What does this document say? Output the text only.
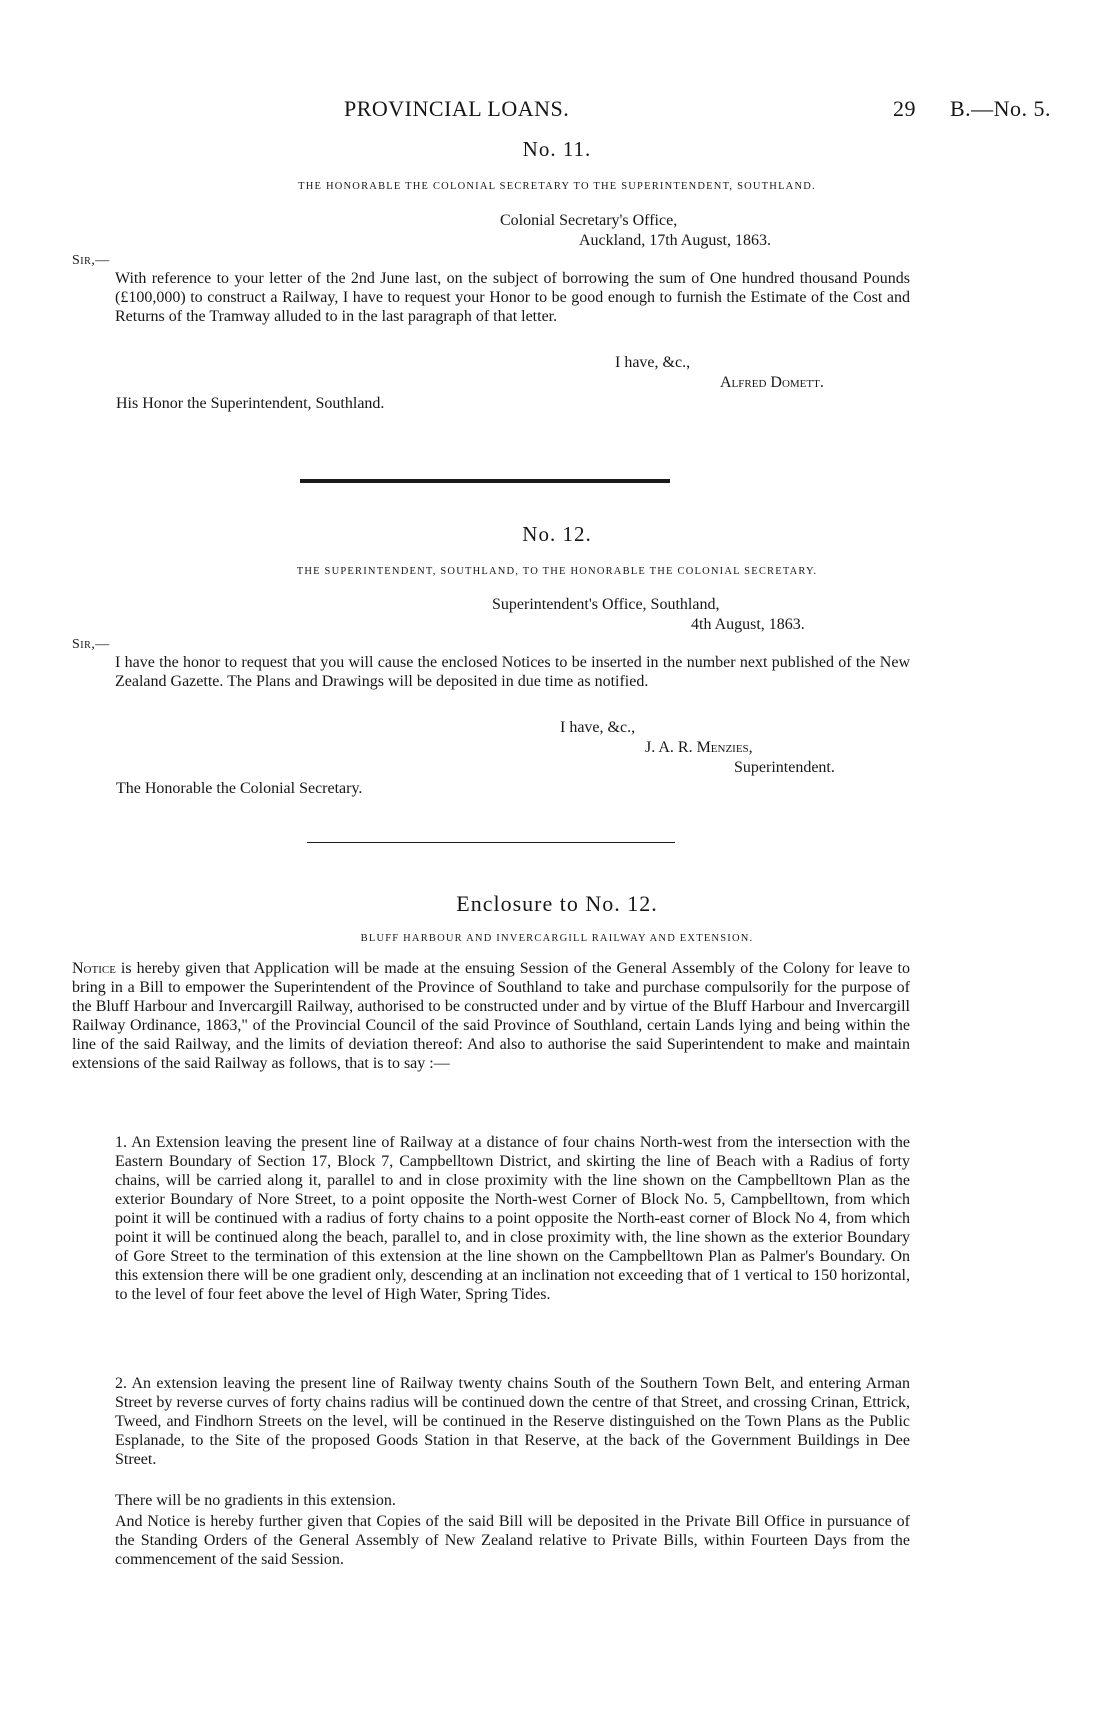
PROVINCIAL LOANS.	29 B.—No. 5.
No. 11.
THE HONORABLE THE COLONIAL SECRETARY TO THE SUPERINTENDENT, SOUTHLAND.
Colonial Secretary's Office,
Auckland, 17th August, 1863.
Sir,—

With reference to your letter of the 2nd June last, on the subject of borrowing the sum of One hundred thousand Pounds (£100,000) to construct a Railway, I have to request your Honor to be good enough to furnish the Estimate of the Cost and Returns of the Tramway alluded to in the last paragraph of that letter.

I have, &c.,
Alfred Domett.
His Honor the Superintendent, Southland.
No. 12.
THE SUPERINTENDENT, SOUTHLAND, TO THE HONORABLE THE COLONIAL SECRETARY.
Superintendent's Office, Southland,
4th August, 1863.
Sir,—

I have the honor to request that you will cause the enclosed Notices to be inserted in the number next published of the New Zealand Gazette. The Plans and Drawings will be deposited in due time as notified.

I have, &c.,
J. A. R. Menzies,
Superintendent.
The Honorable the Colonial Secretary.
Enclosure to No. 12.
BLUFF HARBOUR AND INVERCARGILL RAILWAY AND EXTENSION.

Notice is hereby given that Application will be made at the ensuing Session of the General Assembly of the Colony for leave to bring in a Bill to empower the Superintendent of the Province of Southland to take and purchase compulsorily for the purpose of the Bluff Harbour and Invercargill Railway, authorised to be constructed under and by virtue of the Bluff Harbour and Invercargill Railway Ordinance, 1863," of the Provincial Council of the said Province of Southland, certain Lands lying and being within the line of the said Railway, and the limits of deviation thereof: And also to authorise the said Superintendent to make and maintain extensions of the said Railway as follows, that is to say :—

1. An Extension leaving the present line of Railway at a distance of four chains North-west from the intersection with the Eastern Boundary of Section 17, Block 7, Campbelltown District, and skirting the line of Beach with a Radius of forty chains, will be carried along it, parallel to and in close proximity with the line shown on the Campbelltown Plan as the exterior Boundary of Nore Street, to a point opposite the North-west Corner of Block No. 5, Campbelltown, from which point it will be continued with a radius of forty chains to a point opposite the North-east corner of Block No 4, from which point it will be continued along the beach, parallel to, and in close proximity with, the line shown as the exterior Boundary of Gore Street to the termination of this extension at the line shown on the Campbelltown Plan as Palmer's Boundary. On this extension there will be one gradient only, descending at an inclination not exceeding that of 1 vertical to 150 horizontal, to the level of four feet above the level of High Water, Spring Tides.

2. An extension leaving the present line of Railway twenty chains South of the Southern Town Belt, and entering Arman Street by reverse curves of forty chains radius will be continued down the centre of that Street, and crossing Crinan, Ettrick, Tweed, and Findhorn Streets on the level, will be continued in the Reserve distinguished on the Town Plans as the Public Esplanade, to the Site of the proposed Goods Station in that Reserve, at the back of the Government Buildings in Dee Street.

There will be no gradients in this extension.

And Notice is hereby further given that Copies of the said Bill will be deposited in the Private Bill Office in pursuance of the Standing Orders of the General Assembly of New Zealand relative to Private Bills, within Fourteen Days from the commencement of the said Session.
